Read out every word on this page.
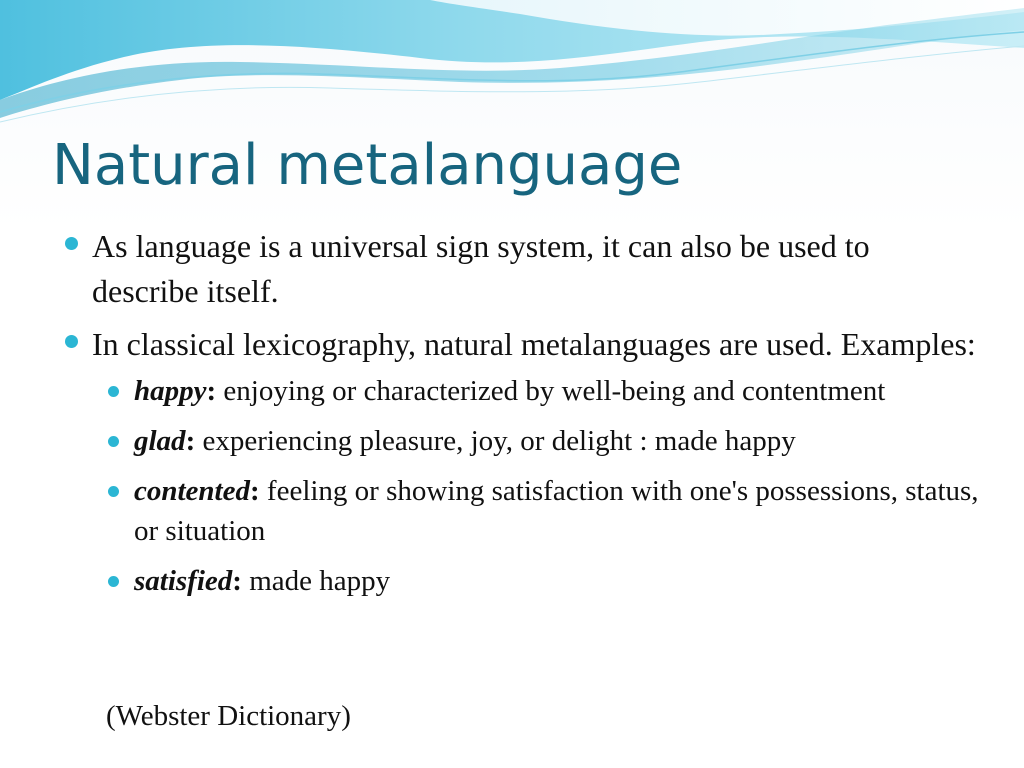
Natural metalanguage
As language is a universal sign system, it can also be used to describe itself.
In classical lexicography, natural metalanguages are used. Examples:
happy: enjoying or characterized by well-being and contentment
glad: experiencing pleasure, joy, or delight : made happy
contented: feeling or showing satisfaction with one's possessions, status, or situation
satisfied: made happy
(Webster Dictionary)
